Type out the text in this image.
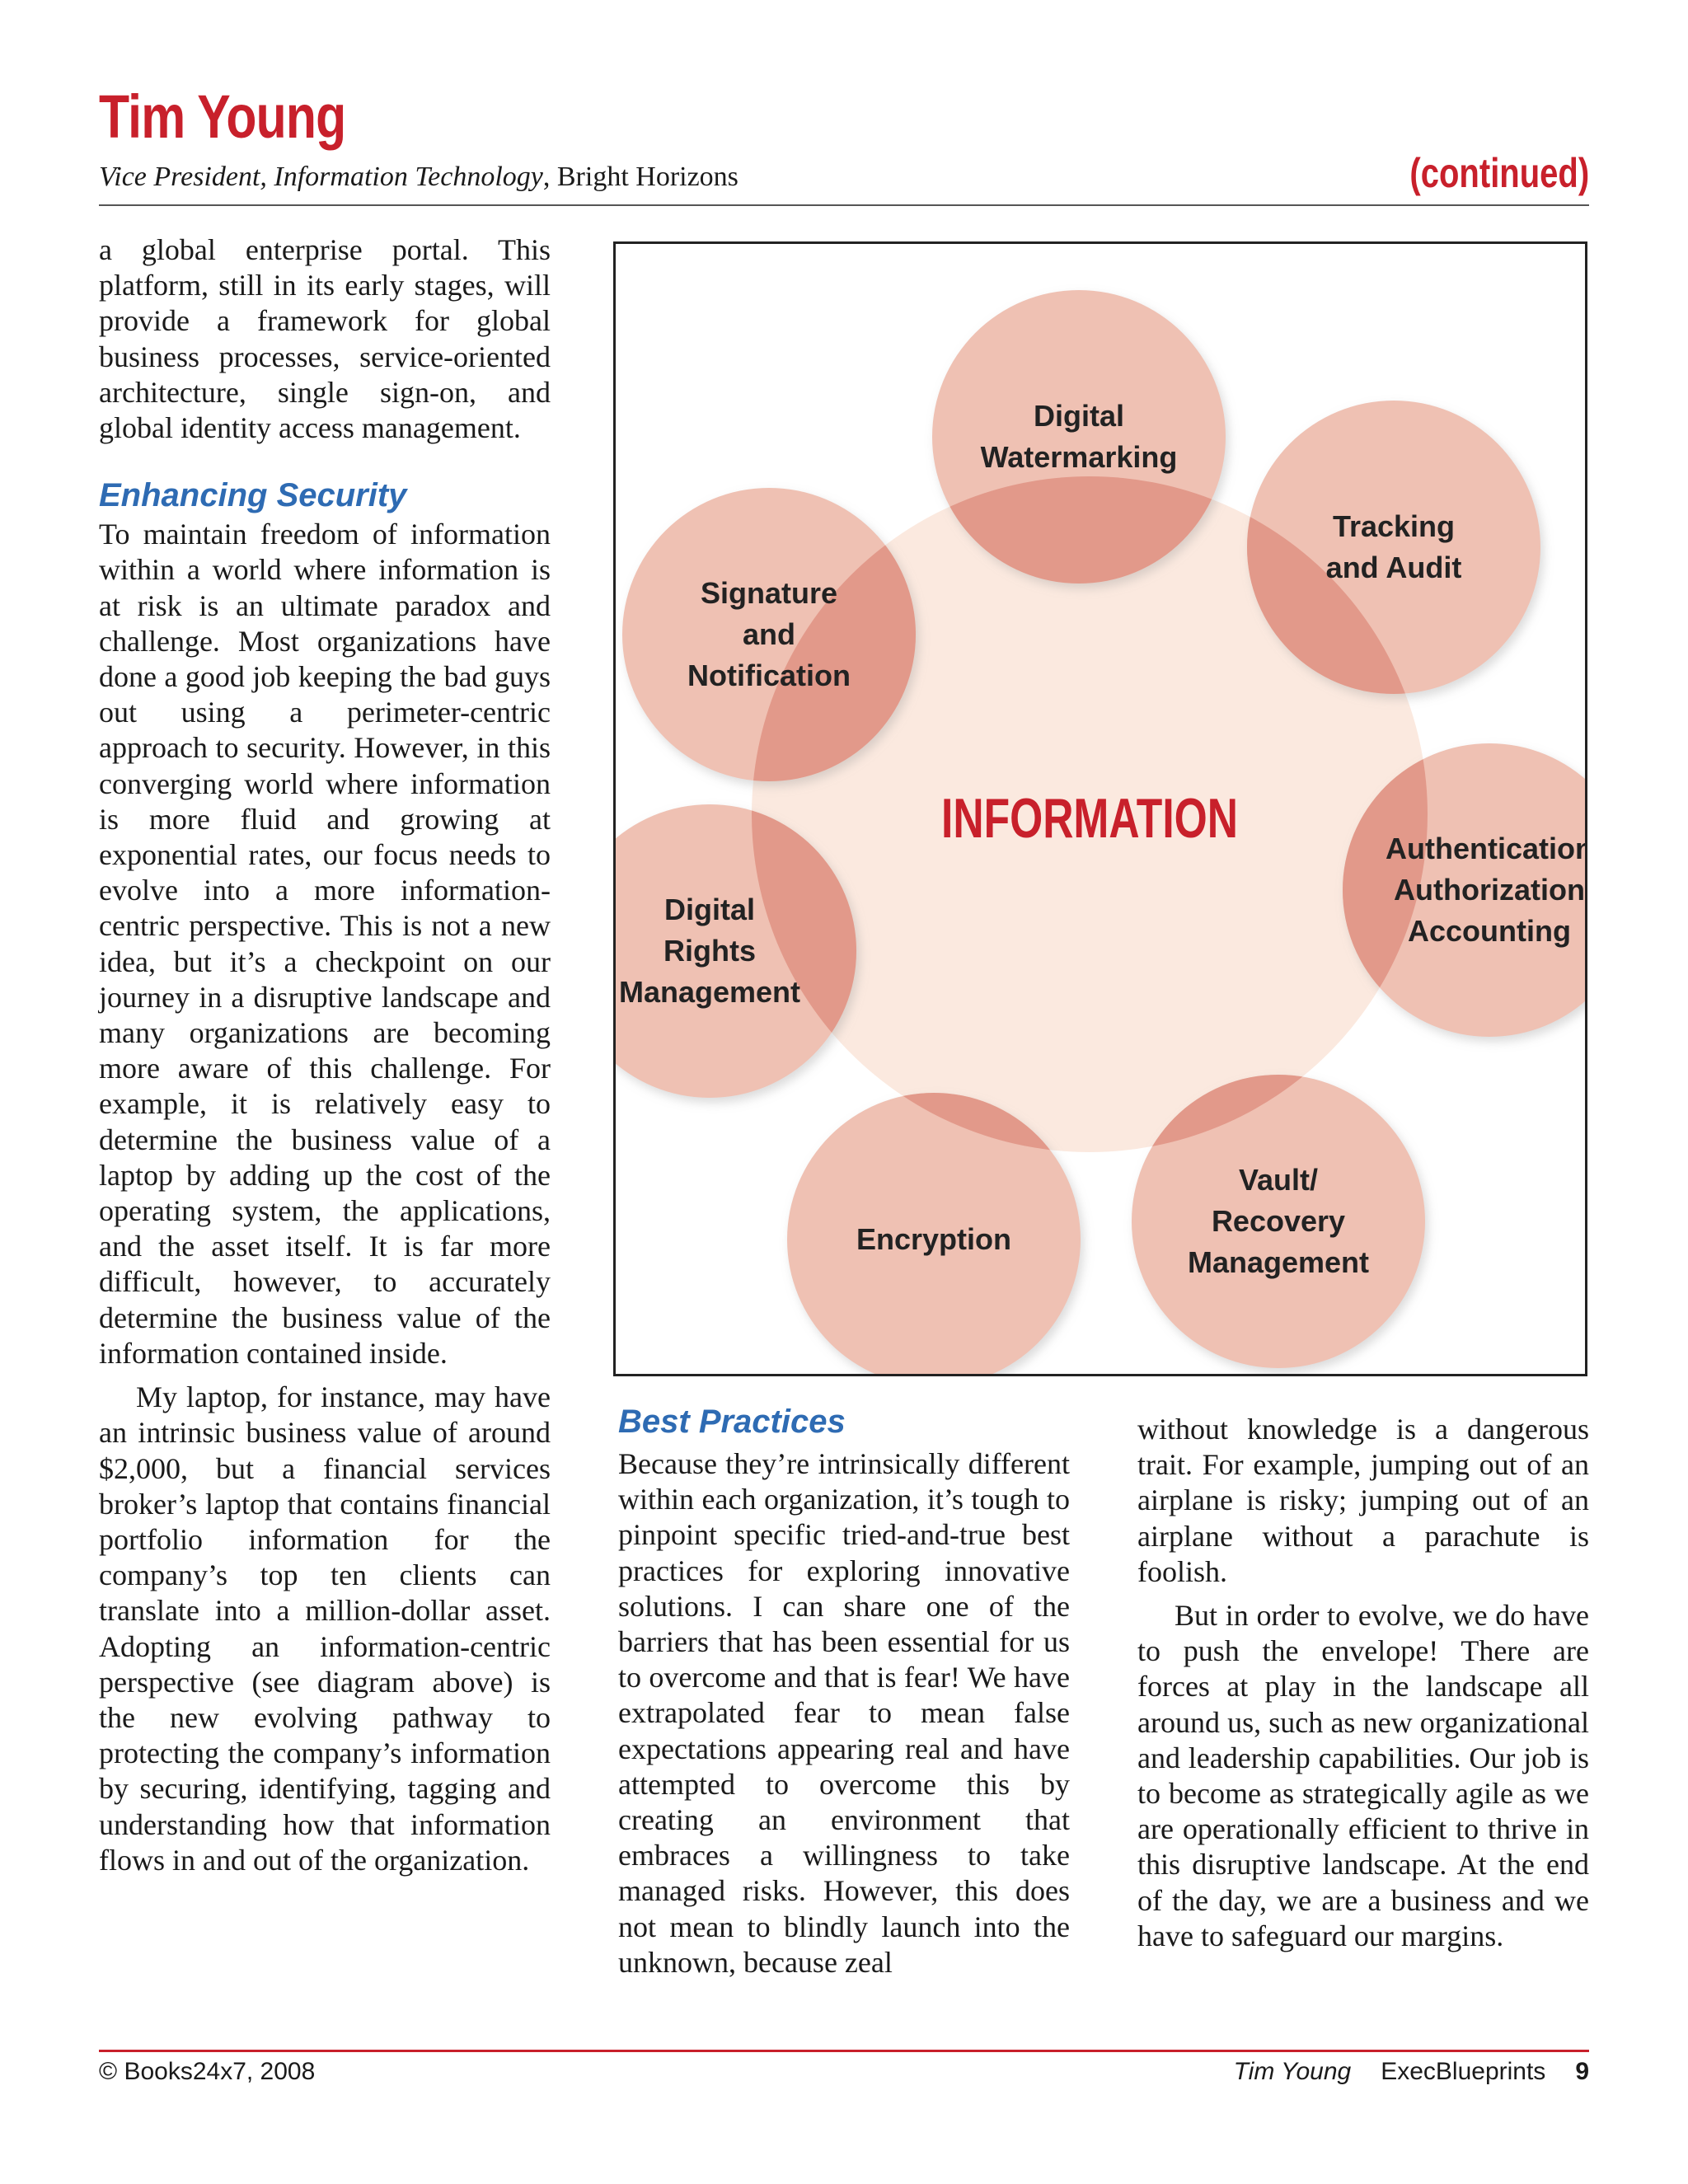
Tim Young
Vice President, Information Technology, Bright Horizons	(continued)

a global enterprise portal. This platform, still in its early stages, will provide a framework for global business processes, service-oriented architecture, single sign-on, and global identity access management.

Enhancing Security

To maintain freedom of information within a world where information is at risk is an ultimate paradox and challenge. Most organizations have done a good job keeping the bad guys out using a perimeter-centric approach to security. However, in this converging world where information is more fluid and growing at exponential rates, our focus needs to evolve into a more information-centric perspective. This is not a new idea, but it’s a checkpoint on our journey in a disruptive landscape and many organizations are becoming more aware of this challenge. For example, it is relatively easy to determine the business value of a laptop by adding up the cost of the operating system, the applications, and the asset itself. It is far more difficult, however, to accurately determine the business value of the information contained inside.

My laptop, for instance, may have an intrinsic business value of around $2,000, but a financial services broker’s laptop that contains financial portfolio information for the company’s top ten clients can translate into a million-dollar asset. Adopting an information-centric perspective (see diagram above) is the new evolving pathway to protecting the company’s information by securing, identifying, tagging and understanding how that information flows in and out of the organization.

Digital
Watermarking
Tracking
and Audit
Authentication
Authorization
Accounting
Vault/
Recovery
Management
Encryption
Digital
Rights
Management
Signature
and
Notification
INFORMATION
Best Practices

Because they’re intrinsically different within each organization, it’s tough to pinpoint specific tried-and-true best practices for exploring innovative solutions. I can share one of the barriers that has been essential for us to overcome and that is fear! We have extrapolated fear to mean false expectations appearing real and have attempted to overcome this by creating an environment that embraces a willingness to take managed risks. However, this does not mean to blindly launch into the unknown, because zeal

without knowledge is a dangerous trait. For example, jumping out of an airplane is risky; jumping out of an airplane without a parachute is foolish.

But in order to evolve, we do have to push the envelope! There are forces at play in the landscape all around us, such as new organizational and leadership capabilities. Our job is to become as strategically agile as we are operationally efficient to thrive in this disruptive landscape. At the end of the day, we are a business and we have to safeguard our margins.

© Books24x7, 2008	Tim Young ExecBlueprints 9
